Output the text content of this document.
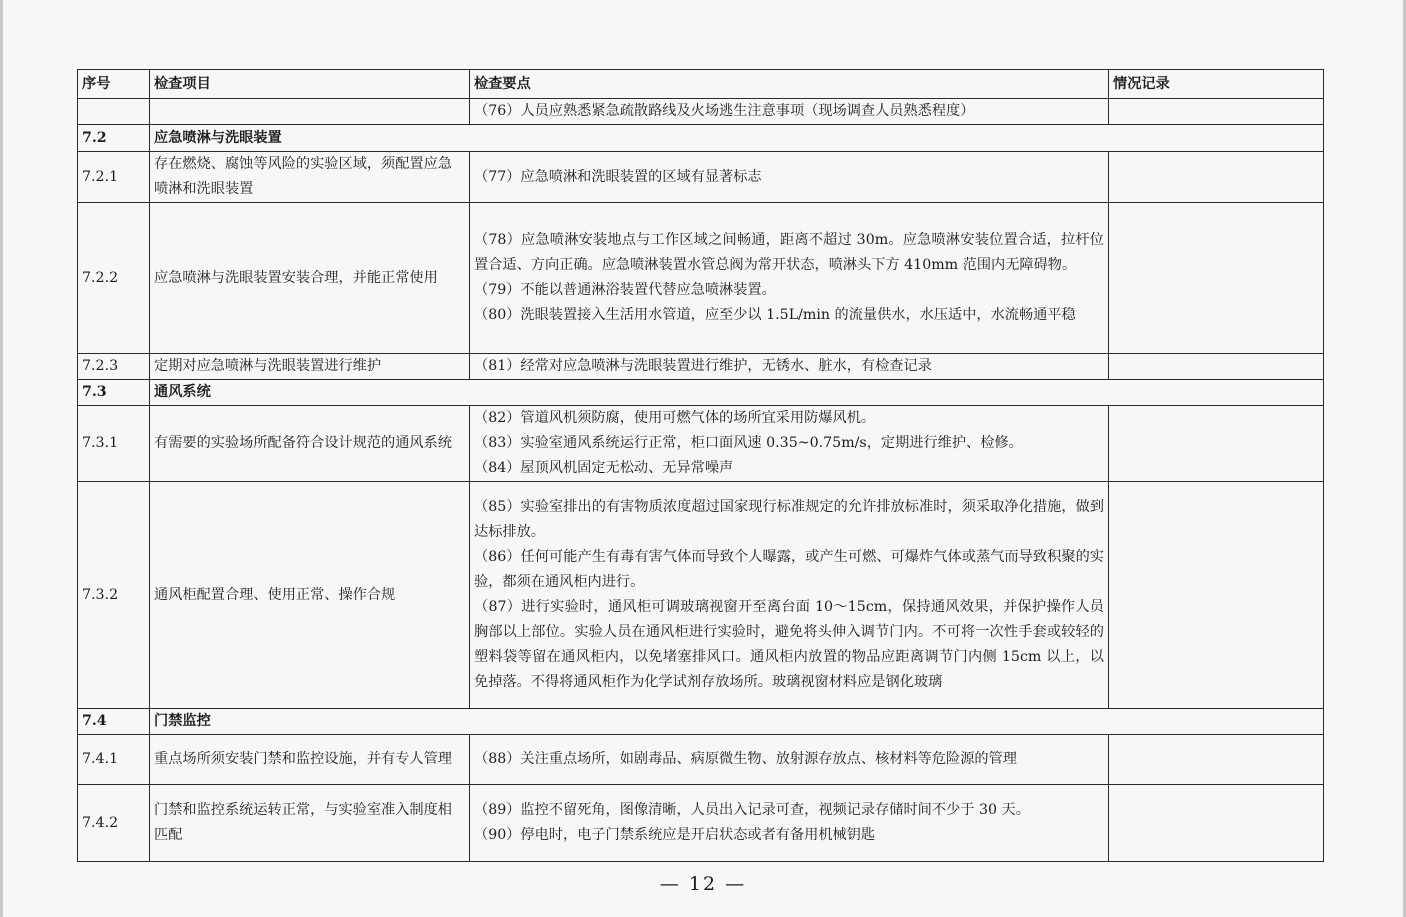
序号	检查项目	检查要点	情况记录

		（76）人员应熟悉紧急疏散路线及火场逃生注意事项（现场调查人员熟悉程度）	

7.2	应急喷淋与洗眼装置		
7.2.1	存在燃烧、腐蚀等风险的实验区域，须配置应急喷淋和洗眼装置	（77）应急喷淋和洗眼装置的区域有显著标志	

7.2.2	应急喷淋与洗眼装置安装合理，并能正常使用	（78）应急喷淋安装地点与工作区域之间畅通，距离不超过 30m。应急喷淋安装位置合适，拉杆位置合适、方向正确。应急喷淋装置水管总阀为常开状态，喷淋头下方 410mm 范围内无障碍物。
（79）不能以普通淋浴装置代替应急喷淋装置。
（80）洗眼装置接入生活用水管道，应至少以 1.5L/min 的流量供水，水压适中，水流畅通平稳	

7.2.3	定期对应急喷淋与洗眼装置进行维护	（81）经常对应急喷淋与洗眼装置进行维护，无锈水、脏水，有检查记录	

7.3	通风系统		
7.3.1	有需要的实验场所配备符合设计规范的通风系统	（82）管道风机须防腐，使用可燃气体的场所宜采用防爆风机。
（83）实验室通风系统运行正常，柜口面风速 0.35~0.75m/s，定期进行维护、检修。
（84）屋顶风机固定无松动、无异常噪声	

7.3.2	通风柜配置合理、使用正常、操作合规	（85）实验室排出的有害物质浓度超过国家现行标准规定的允许排放标准时，须采取净化措施，做到达标排放。
（86）任何可能产生有毒有害气体而导致个人曝露，或产生可燃、可爆炸气体或蒸气而导致积聚的实验，都须在通风柜内进行。
（87）进行实验时，通风柜可调玻璃视窗开至离台面 10～15cm，保持通风效果，并保护操作人员胸部以上部位。实验人员在通风柜进行实验时，避免将头伸入调节门内。不可将一次性手套或较轻的塑料袋等留在通风柜内，以免堵塞排风口。通风柜内放置的物品应距离调节门内侧 15cm 以上，以免掉落。不得将通风柜作为化学试剂存放场所。玻璃视窗材料应是钢化玻璃	

7.4	门禁监控		
7.4.1	重点场所须安装门禁和监控设施，并有专人管理	（88）关注重点场所，如剧毒品、病原微生物、放射源存放点、核材料等危险源的管理	

7.4.2	门禁和监控系统运转正常，与实验室准入制度相匹配	（89）监控不留死角，图像清晰，人员出入记录可查，视频记录存储时间不少于 30 天。
（90）停电时，电子门禁系统应是开启状态或者有备用机械钥匙	

— 12 —
